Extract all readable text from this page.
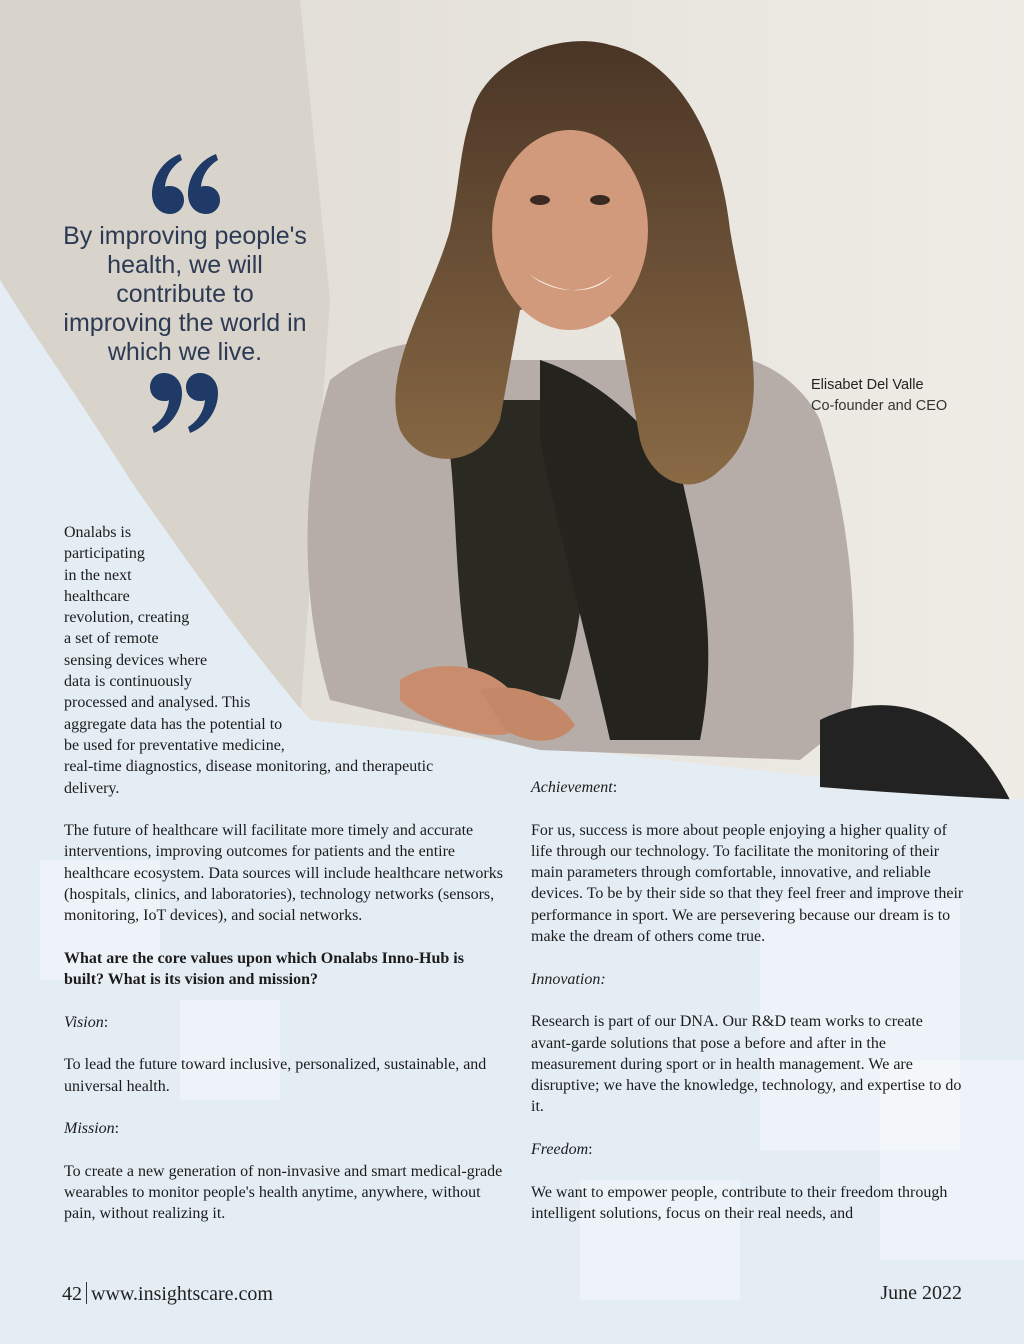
By improving people's health, we will contribute to improving the world in which we live.

Elisabet Del Valle
Co-founder and CEO
Onalabs is
participating
in the next
healthcare
revolution, creating
a set of remote
sensing devices where
data is continuously
processed and analysed. This
aggregate data has the potential to
be used for preventative medicine,
real-time diagnostics, disease monitoring, and therapeutic
delivery.

The future of healthcare will facilitate more timely and accurate interventions, improving outcomes for patients and the entire healthcare ecosystem. Data sources will include healthcare networks (hospitals, clinics, and laboratories), technology networks (sensors, monitoring, IoT devices), and social networks.

What are the core values upon which Onalabs Inno-Hub is built? What is its vision and mission?

Vision:

To lead the future toward inclusive, personalized, sustainable, and universal health.

Mission:

To create a new generation of non-invasive and smart medical-grade wearables to monitor people's health anytime, anywhere, without pain, without realizing it.

Achievement:

For us, success is more about people enjoying a higher quality of life through our technology. To facilitate the monitoring of their main parameters through comfortable, innovative, and reliable devices. To be by their side so that they feel freer and improve their performance in sport. We are persevering because our dream is to make the dream of others come true.

Innovation:

Research is part of our DNA. Our R&D team works to create avant-garde solutions that pose a before and after in the measurement during sport or in health management. We are disruptive; we have the knowledge, technology, and expertise to do it.

Freedom:

We want to empower people, contribute to their freedom through intelligent solutions, focus on their real needs, and

42 www.insightscare.com	June 2022
